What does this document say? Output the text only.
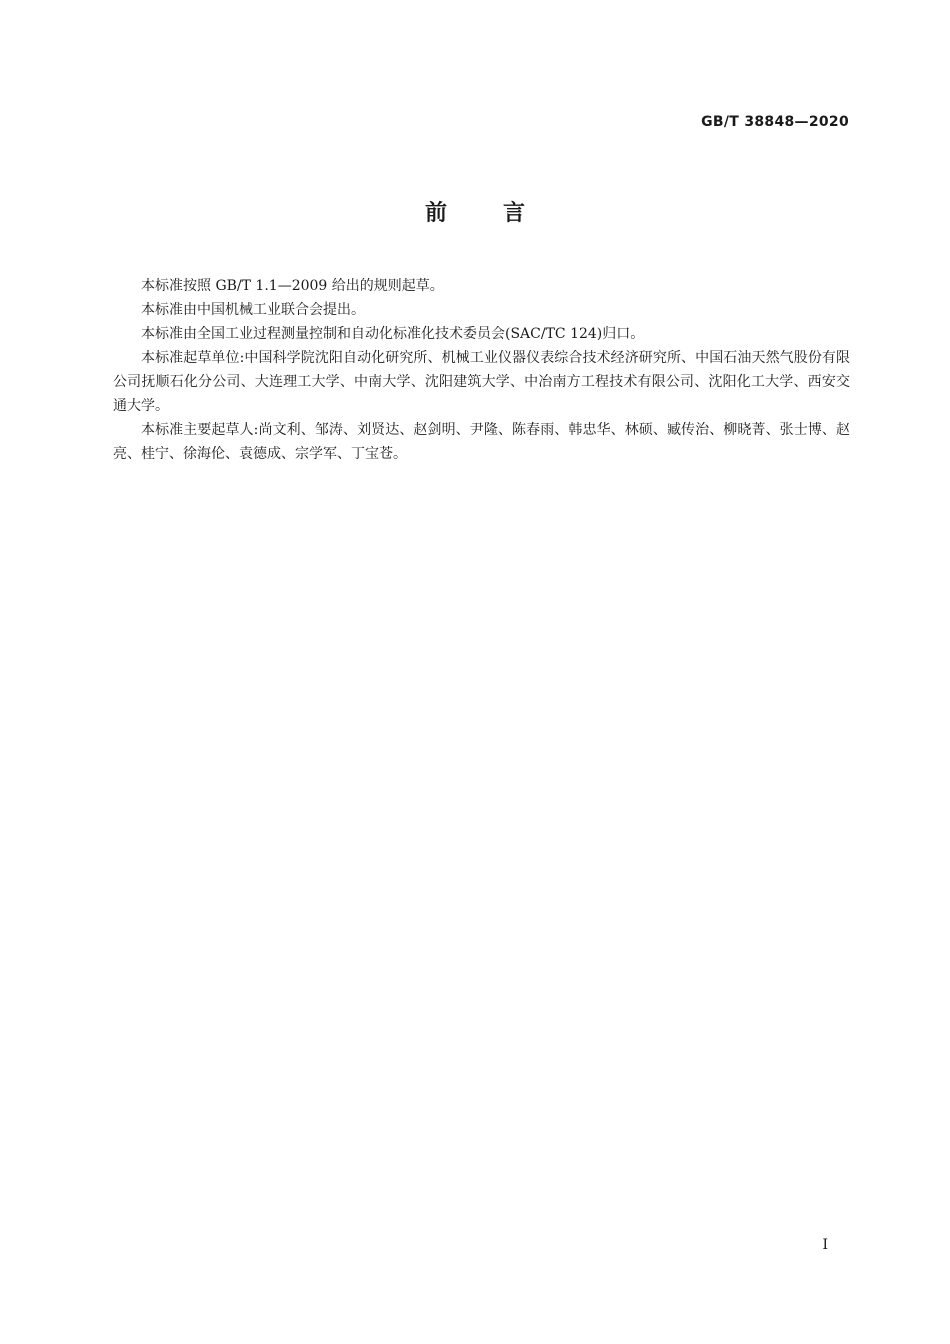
GB/T 38848—2020
前	言

本标准按照 GB/T 1.1—2009 给出的规则起草。

本标准由中国机械工业联合会提出。

本标准由全国工业过程测量控制和自动化标准化技术委员会(SAC/TC 124)归口。

本标准起草单位:中国科学院沈阳自动化研究所、机械工业仪器仪表综合技术经济研究所、中国石油天然气股份有限公司抚顺石化分公司、大连理工大学、中南大学、沈阳建筑大学、中冶南方工程技术有限公司、沈阳化工大学、西安交通大学。

本标准主要起草人:尚文利、邹涛、刘贤达、赵剑明、尹隆、陈春雨、韩忠华、林硕、臧传治、柳晓菁、张士博、赵亮、桂宁、徐海伦、袁德成、宗学军、丁宝苍。

I
